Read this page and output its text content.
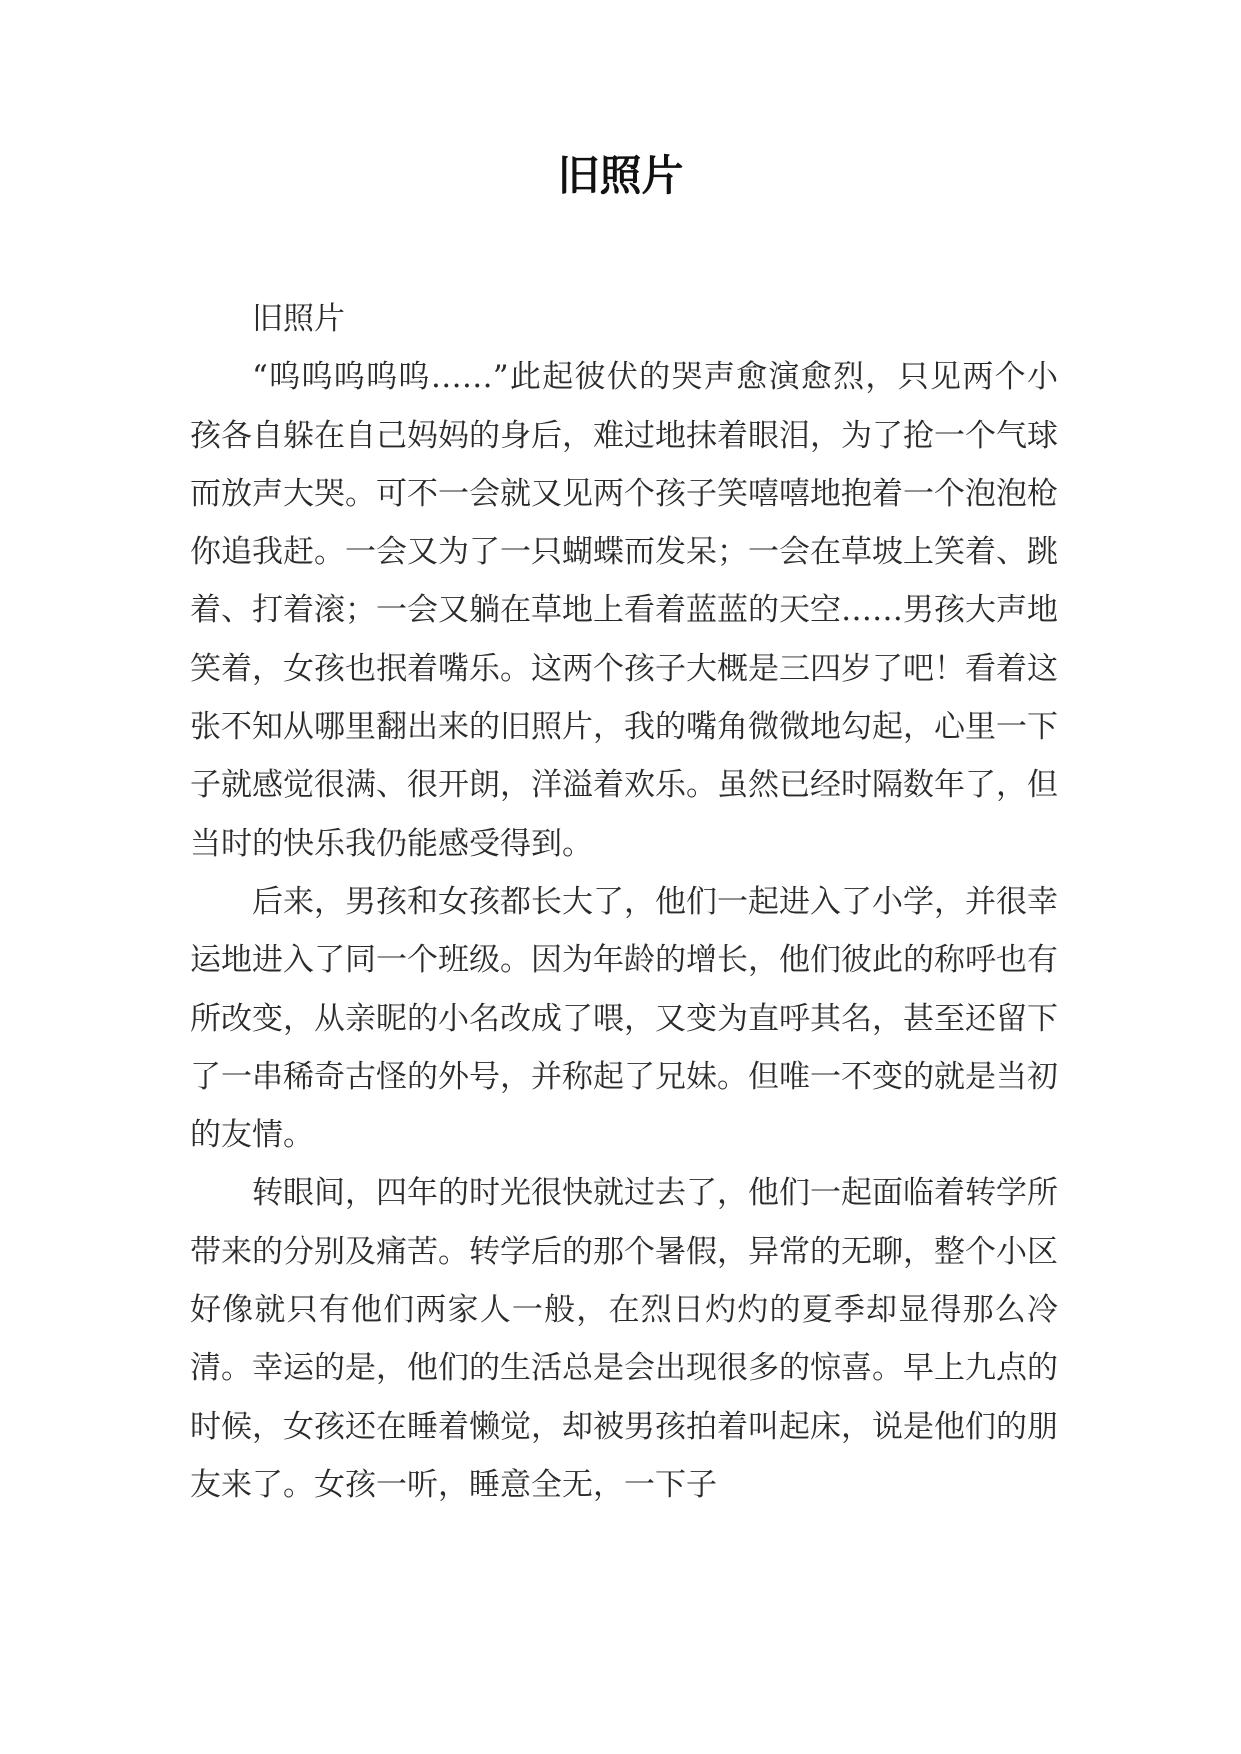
旧照片

旧照片

“呜呜呜呜呜……”此起彼伏的哭声愈演愈烈，只见两个小孩各自躲在自己妈妈的身后，难过地抹着眼泪，为了抢一个气球而放声大哭。可不一会就又见两个孩子笑嘻嘻地抱着一个泡泡枪你追我赶。一会又为了一只蝴蝶而发呆；一会在草坡上笑着、跳着、打着滚；一会又躺在草地上看着蓝蓝的天空……男孩大声地笑着，女孩也抿着嘴乐。这两个孩子大概是三四岁了吧！看着这张不知从哪里翻出来的旧照片，我的嘴角微微地勾起，心里一下子就感觉很满、很开朗，洋溢着欢乐。虽然已经时隔数年了，但当时的快乐我仍能感受得到。

后来，男孩和女孩都长大了，他们一起进入了小学，并很幸运地进入了同一个班级。因为年龄的增长，他们彼此的称呼也有所改变，从亲昵的小名改成了喂，又变为直呼其名，甚至还留下了一串稀奇古怪的外号，并称起了兄妹。但唯一不变的就是当初的友情。

转眼间，四年的时光很快就过去了，他们一起面临着转学所带来的分别及痛苦。转学后的那个暑假，异常的无聊，整个小区好像就只有他们两家人一般，在烈日灼灼的夏季却显得那么冷清。幸运的是，他们的生活总是会出现很多的惊喜。早上九点的时候，女孩还在睡着懒觉，却被男孩拍着叫起床，说是他们的朋友来了。女孩一听，睡意全无，一下子
